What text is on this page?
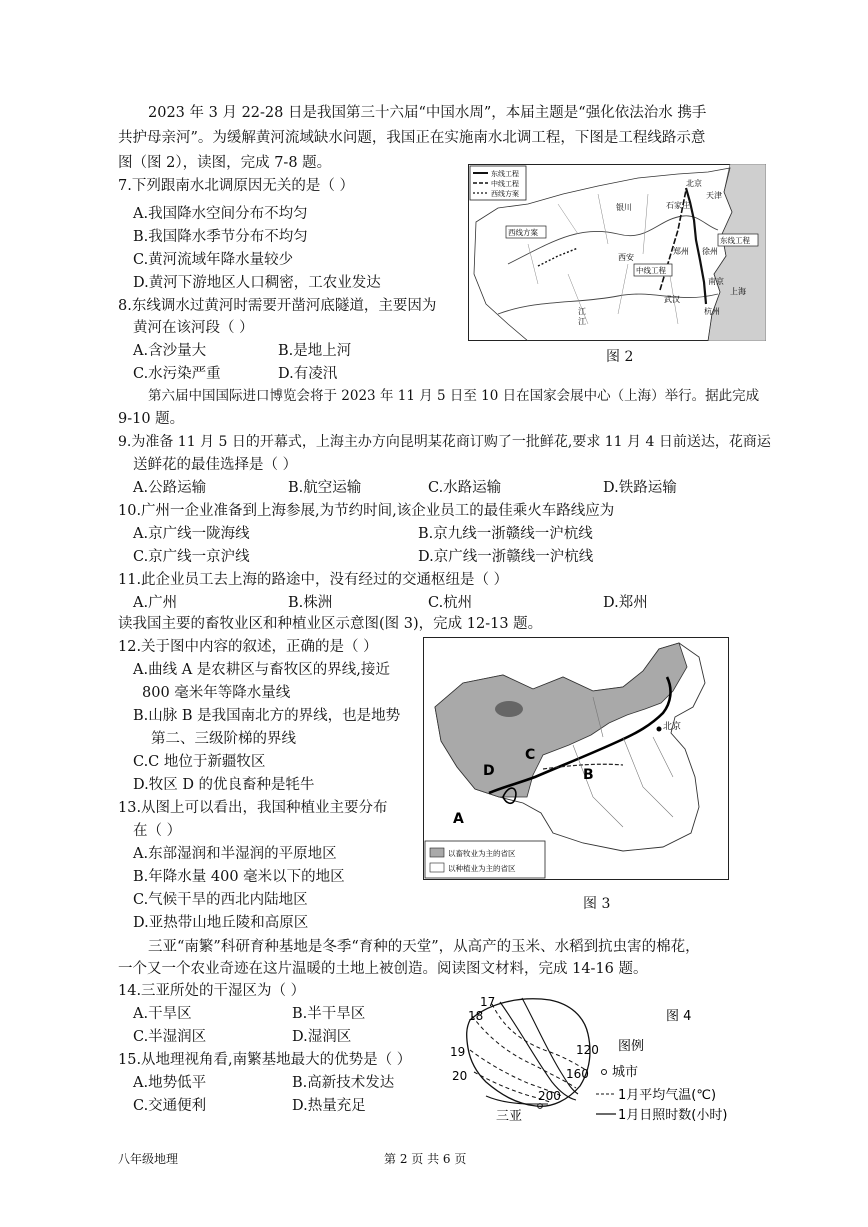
2023 年 3 月 22-28 日是我国第三十六届“中国水周”，本届主题是“强化依法治水 携手
共护母亲河”。为缓解黄河流域缺水问题，我国正在实施南水北调工程，下图是工程线路示意
图（图 2），读图，完成 7-8 题。
7.下列跟南水北调原因无关的是（ ）
A.我国降水空间分布不均匀
B.我国降水季节分布不均匀
C.黄河流域年降水量较少
D.黄河下游地区人口稠密，工农业发达
8.东线调水过黄河时需要开凿河底隧道，主要因为
黄河在该河段（ ）
A.含沙量大	B.是地上河
C.水污染严重	D.有凌汛
东线工程
中线工程
西线方案
北京
天津
银川	石家庄
西线方案
中线工程
东线工程
西安
郑州 徐州
南京
上海
武汉
杭州
江
江
图 2
第六届中国国际进口博览会将于 2023 年 11 月 5 日至 10 日在国家会展中心（上海）举行。据此完成
9-10 题。
9.为准备 11 月 5 日的开幕式，上海主办方向昆明某花商订购了一批鲜花,要求 11 月 4 日前送达，花商运
送鲜花的最佳选择是（ ）
A.公路运输	B.航空运输	C.水路运输	D.铁路运输
10.广州一企业准备到上海参展,为节约时间,该企业员工的最佳乘火车路线应为
A.京广线一陇海线	B.京九线一浙赣线一沪杭线
C.京广线一京沪线	D.京广线一浙赣线一沪杭线
11.此企业员工去上海的路途中，没有经过的交通枢纽是（ ）
A.广州	B.株洲	C.杭州	D.郑州
读我国主要的畜牧业区和种植业区示意图(图 3)，完成 12-13 题。
12.关于图中内容的叙述，正确的是（ ）
A.曲线 A 是农耕区与畜牧区的界线,接近
800 毫米年等降水量线
B.山脉 B 是我国南北方的界线，也是地势
第二、三级阶梯的界线
C.C 地位于新疆牧区
D.牧区 D 的优良畜种是牦牛
13.从图上可以看出，我国种植业主要分布
在（ ）
A.东部湿润和半湿润的平原地区
B.年降水量 400 毫米以下的地区
C.气候干旱的西北内陆地区
D.亚热带山地丘陵和高原区
北京
A
B
C
D
以畜牧业为主的省区
以种植业为主的省区
图 3
三亚“南繁”科研育种基地是冬季“育种的天堂”，从高产的玉米、水稻到抗虫害的棉花，
一个又一个农业奇迹在这片温暖的土地上被创造。阅读图文材料，完成 14-16 题。
14.三亚所处的干湿区为（ ）
A.干旱区	B.半干旱区
C.半湿润区	D.湿润区
15.从地理视角看,南繁基地最大的优势是（ ）
A.地势低平	B.高新技术发达
C.交通便利	D.热量充足
17
18
19
20
120
160
200
三亚
图 4
图例
城市
1月平均气温(℃)
1月日照时数(小时)
八年级地理	第 2 页 共 6 页
